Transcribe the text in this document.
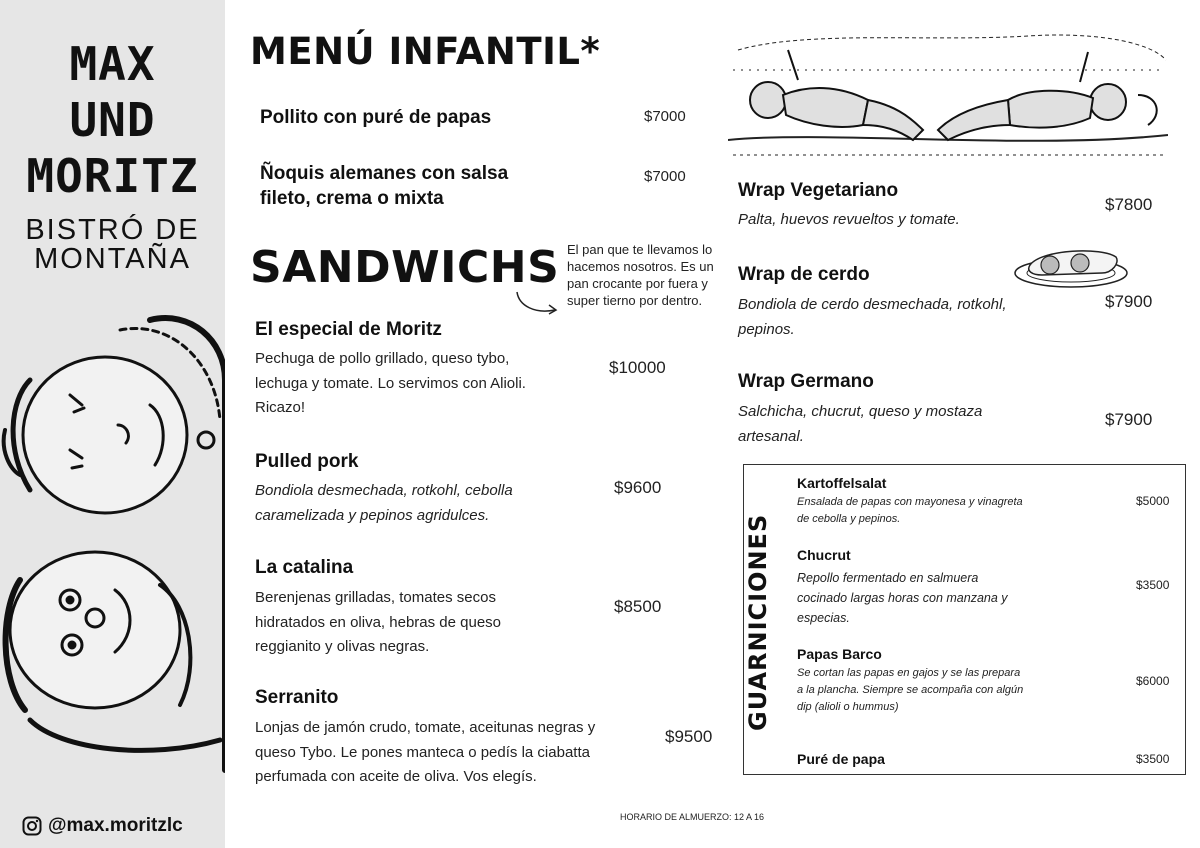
MAX
UND
MORITZ
BISTRÓ DE
MONTAÑA
@max.moritzlc
MENÚ INFANTIL*
Pollito con puré de papas	$7000
Ñoquis alemanes con salsa
fileto, crema o mixta
$7000
SANDWICHS El pan que te llevamos lo hacemos nosotros. Es un pan crocante por fuera y super tierno por dentro.
El especial de Moritz
Pechuga de pollo grillado, queso tybo,
lechuga y tomate. Lo servimos con Alioli.
Ricazo!
$10000
Pulled pork
Bondiola desmechada, rotkohl, cebolla
caramelizada y pepinos agridulces.
$9600
La catalina
Berenjenas grilladas, tomates secos
hidratados en oliva, hebras de queso
reggianito y olivas negras.
$8500
Serranito
Lonjas de jamón crudo, tomate, aceitunas negras y
queso Tybo. Le pones manteca o pedís la ciabatta
perfumada con aceite de oliva. Vos elegís.
$9500
Wrap Vegetariano
Palta, huevos revueltos y tomate.
$7800
Wrap de cerdo
Bondiola de cerdo desmechada, rotkohl,
pepinos.
$7900
Wrap Germano
Salchicha, chucrut, queso y mostaza
artesanal.
$7900
GUARNICIONES
Kartoffelsalat
Ensalada de papas con mayonesa y vinagreta
de cebolla y pepinos.
$5000
Chucrut
Repollo fermentado en salmuera
cocinado largas horas con manzana y
especias.
$3500
Papas Barco
Se cortan las papas en gajos y se las prepara
a la plancha. Siempre se acompaña con algún
dip (alioli o hummus)
$6000
Puré de papa	$3500
HORARIO DE ALMUERZO: 12 A 16
